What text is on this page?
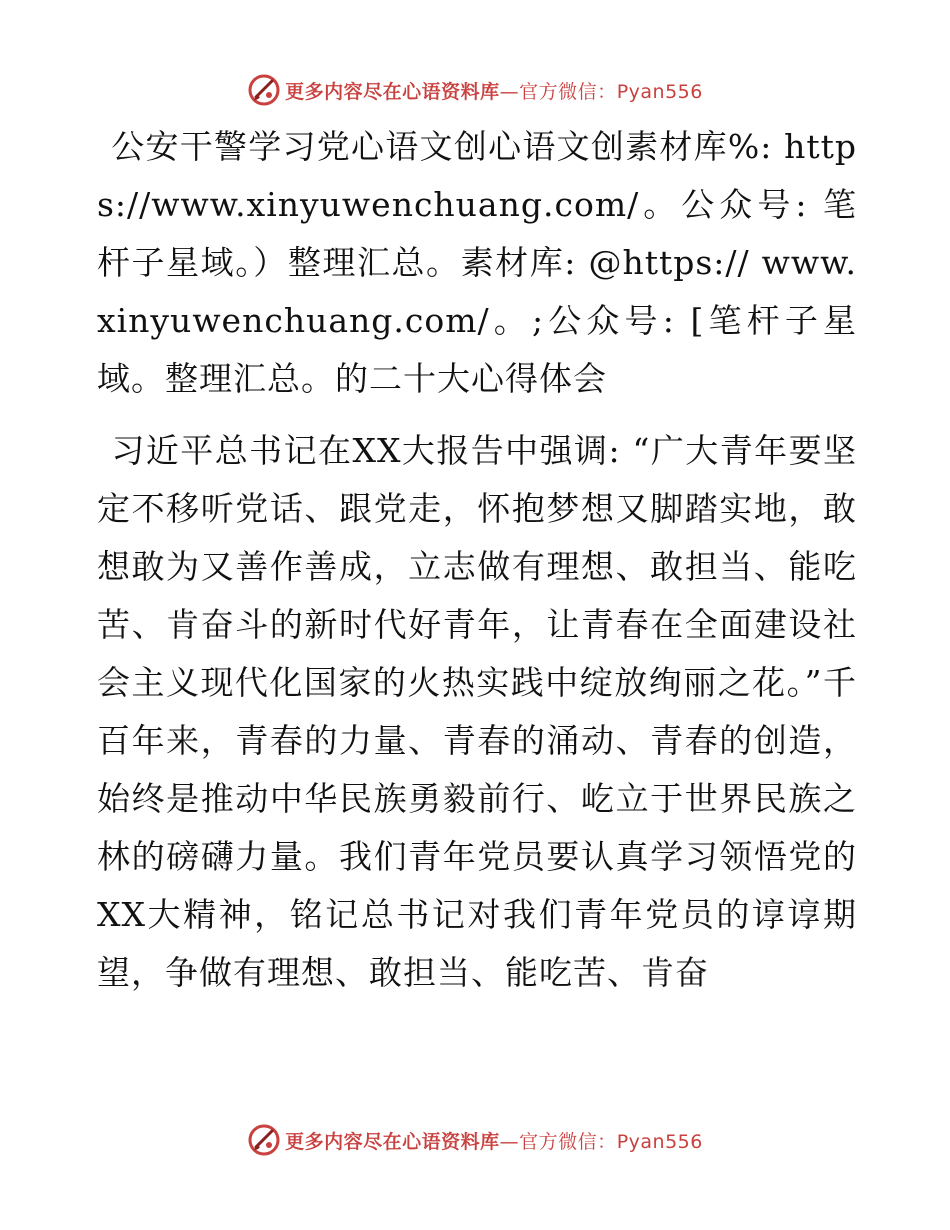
更多内容尽在心语资料库—官方微信：Pyan556

公安干警学习党心语文创心语文创素材库%: https://www.xinyuwenchuang.com/。公众号: 笔杆子星域。）整理汇总。素材库: @https:// www.xinyuwenchuang.com/。;公众号: [笔杆子星域。整理汇总。的二十大心得体会

习近平总书记在XX大报告中强调: “广大青年要坚定不移听党话、跟党走，怀抱梦想又脚踏实地，敢想敢为又善作善成，立志做有理想、敢担当、能吃苦、肯奋斗的新时代好青年，让青春在全面建设社会主义现代化国家的火热实践中绽放绚丽之花。”千百年来，青春的力量、青春的涌动、青春的创造，始终是推动中华民族勇毅前行、屹立于世界民族之林的磅礴力量。我们青年党员要认真学习领悟党的XX大精神，铭记总书记对我们青年党员的谆谆期望，争做有理想、敢担当、能吃苦、肯奋

更多内容尽在心语资料库—官方微信：Pyan556
